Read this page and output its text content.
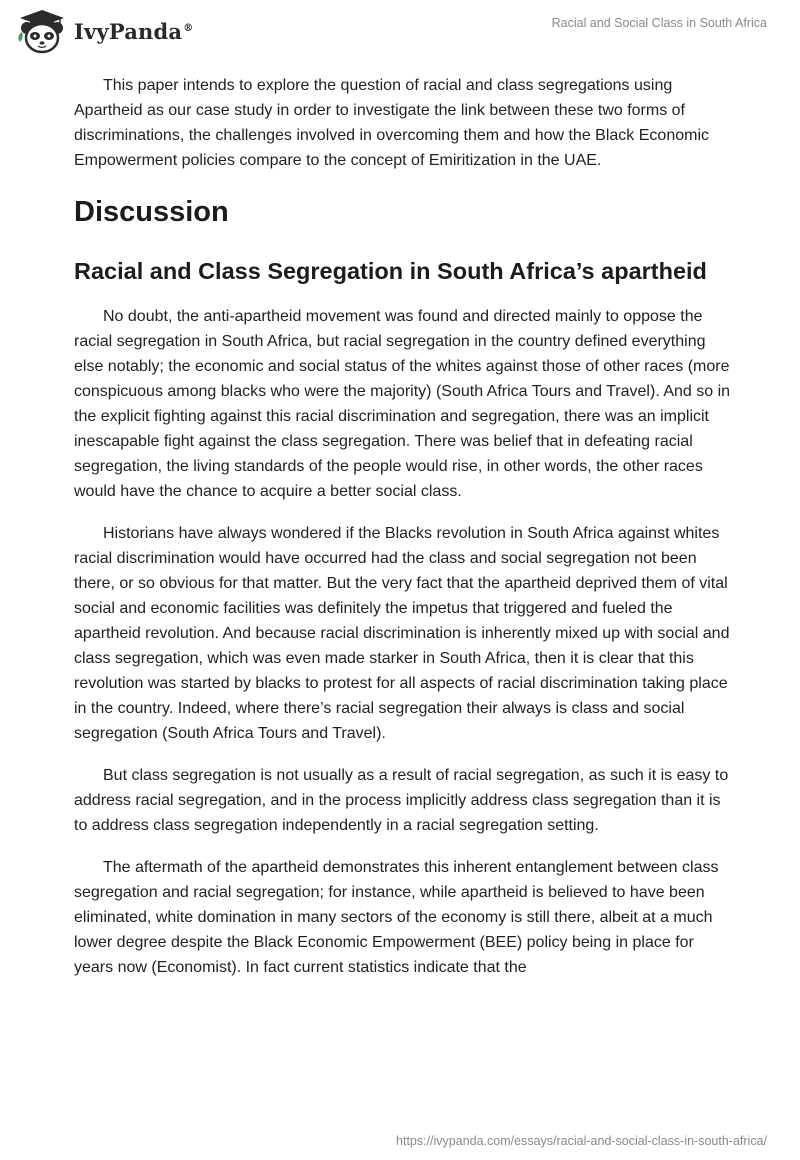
IvyPanda®	Racial and Social Class in South Africa

This paper intends to explore the question of racial and class segregations using Apartheid as our case study in order to investigate the link between these two forms of discriminations, the challenges involved in overcoming them and how the Black Economic Empowerment policies compare to the concept of Emiritization in the UAE.

Discussion
Racial and Class Segregation in South Africa’s apartheid

No doubt, the anti-apartheid movement was found and directed mainly to oppose the racial segregation in South Africa, but racial segregation in the country defined everything else notably; the economic and social status of the whites against those of other races (more conspicuous among blacks who were the majority) (South Africa Tours and Travel). And so in the explicit fighting against this racial discrimination and segregation, there was an implicit inescapable fight against the class segregation. There was belief that in defeating racial segregation, the living standards of the people would rise, in other words, the other races would have the chance to acquire a better social class.

Historians have always wondered if the Blacks revolution in South Africa against whites racial discrimination would have occurred had the class and social segregation not been there, or so obvious for that matter. But the very fact that the apartheid deprived them of vital social and economic facilities was definitely the impetus that triggered and fueled the apartheid revolution. And because racial discrimination is inherently mixed up with social and class segregation, which was even made starker in South Africa, then it is clear that this revolution was started by blacks to protest for all aspects of racial discrimination taking place in the country. Indeed, where there’s racial segregation their always is class and social segregation (South Africa Tours and Travel).

But class segregation is not usually as a result of racial segregation, as such it is easy to address racial segregation, and in the process implicitly address class segregation than it is to address class segregation independently in a racial segregation setting.

The aftermath of the apartheid demonstrates this inherent entanglement between class segregation and racial segregation; for instance, while apartheid is believed to have been eliminated, white domination in many sectors of the economy is still there, albeit at a much lower degree despite the Black Economic Empowerment (BEE) policy being in place for years now (Economist). In fact current statistics indicate that the

https://ivypanda.com/essays/racial-and-social-class-in-south-africa/
